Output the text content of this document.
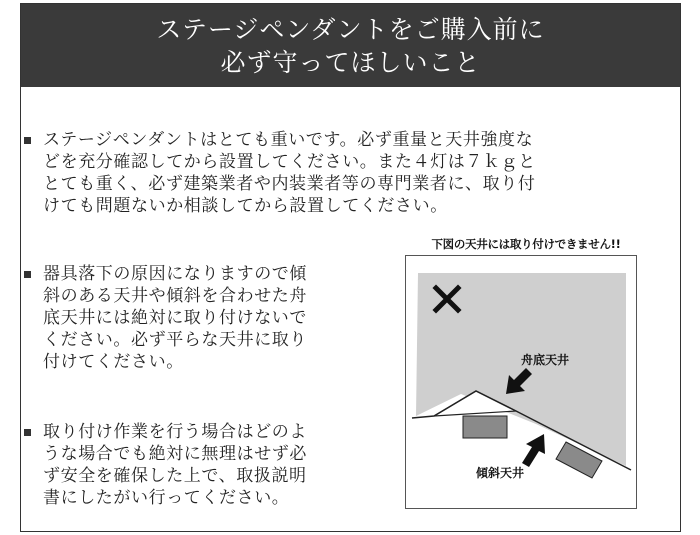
ステージペンダントをご購入前に
必ず守ってほしいこと
ステージペンダントはとても重いです。必ず重量と天井強度な
どを充分確認してから設置してください。また４灯は７ｋｇと
とても重く、必ず建築業者や内装業者等の専門業者に、取り付
けても問題ないか相談してから設置してください。
器具落下の原因になりますので傾
斜のある天井や傾斜を合わせた舟
底天井には絶対に取り付けないで
ください。必ず平らな天井に取り
付けてください。
取り付け作業を行う場合はどのよ
うな場合でも絶対に無理はせず必
ず安全を確保した上で、取扱説明
書にしたがい行ってください。
下図の天井には取り付けできません!!
舟底天井
傾斜天井
